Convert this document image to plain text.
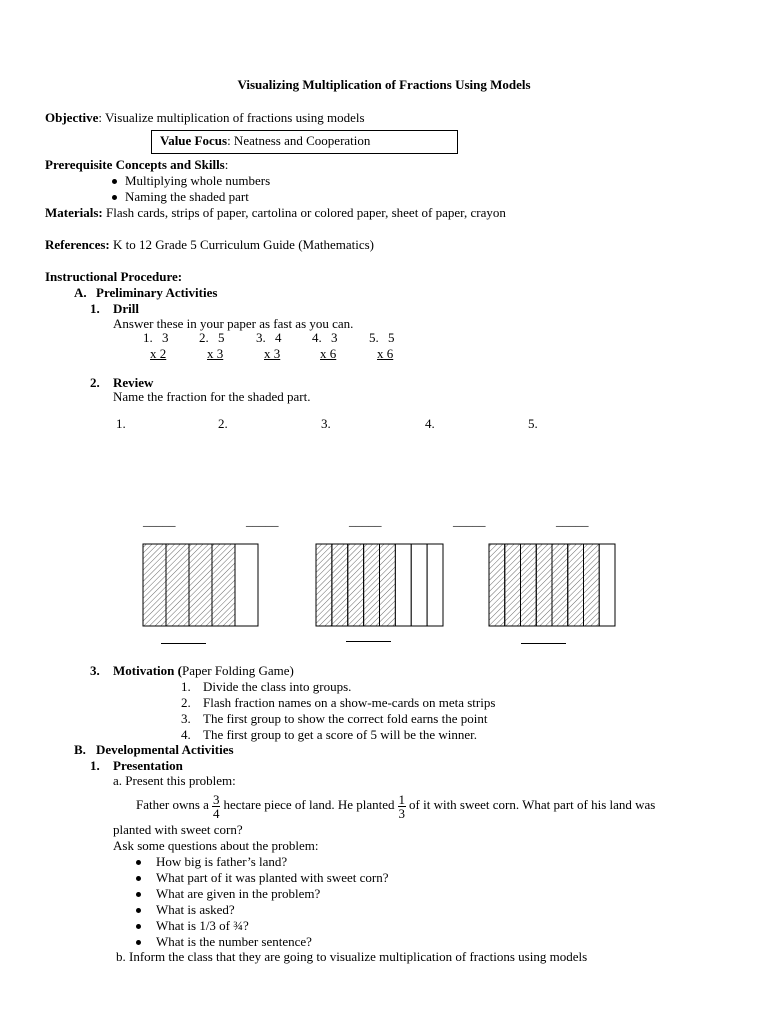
Visualizing Multiplication of Fractions Using Models
Objective: Visualize multiplication of fractions using models
Value Focus: Neatness and Cooperation
Prerequisite Concepts and Skills:
Multiplying whole numbers
Naming the shaded part
Materials: Flash cards, strips of paper, cartolina or colored paper, sheet of paper, crayon
References: K to 12 Grade 5 Curriculum Guide (Mathematics)
Instructional Procedure:
A. Preliminary Activities
1. Drill
Answer these in your paper as fast as you can.
1. 3
x 2
2. 5
x 3
3. 4
x 3
4. 3
x 6
5. 5
x 6
2. Review
Name the fraction for the shaded part.
1.	2.	3.	4.	5.
_____	_____	_____	_____	_____
3. Motivation (Paper Folding Game)
1. Divide the class into groups.
2. Flash fraction names on a show-me-cards on meta strips
3. The first group to show the correct fold earns the point
4. The first group to get a score of 5 will be the winner.
B. Developmental Activities
1. Presentation
a. Present this problem:
Father owns a $\frac{3}{4}$ hectare piece of land. He planted $\frac{1}{3}$ of it with sweet corn. What part of his land was
planted with sweet corn?
Ask some questions about the problem:
How big is father’s land?
What part of it was planted with sweet corn?
What are given in the problem?
What is asked?
What is 1/3 of ¾?
What is the number sentence?
b. Inform the class that they are going to visualize multiplication of fractions using models
